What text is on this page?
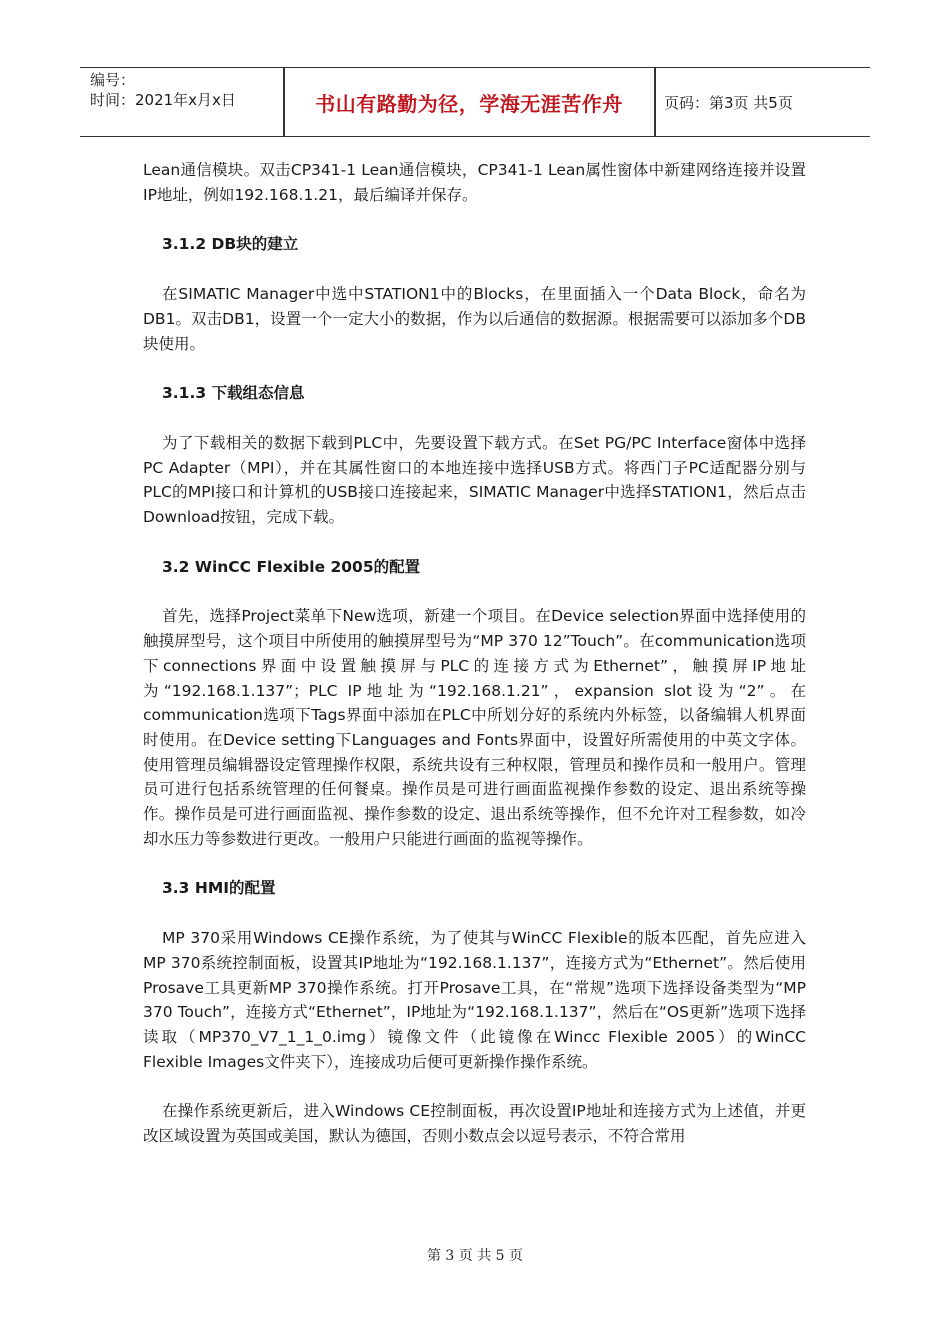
编号：
时间：2021年x月x日	书山有路勤为径，学海无涯苦作舟	页码：第3页 共5页

Lean通信模块。双击CP341-1 Lean通信模块，CP341-1 Lean属性窗体中新建网络连接并设置IP地址，例如192.168.1.21，最后编译并保存。

3.1.2 DB块的建立

在SIMATIC Manager中选中STATION1中的Blocks，在里面插入一个Data Block，命名为DB1。双击DB1，设置一个一定大小的数据，作为以后通信的数据源。根据需要可以添加多个DB块使用。

3.1.3 下载组态信息

为了下载相关的数据下载到PLC中，先要设置下载方式。在Set PG/PC Interface窗体中选择PC Adapter（MPI），并在其属性窗口的本地连接中选择USB方式。将西门子PC适配器分别与PLC的MPI接口和计算机的USB接口连接起来，SIMATIC Manager中选择STATION1，然后点击Download按钮，完成下载。

3.2 WinCC Flexible 2005的配置

首先，选择Project菜单下New选项，新建一个项目。在Device selection界面中选择使用的触摸屏型号，这个项目中所使用的触摸屏型号为“MP 370 12”Touch”。在communication选项下connections界面中设置触摸屏与PLC的连接方式为Ethernet”，触摸屏IP地址为“192.168.1.137”；PLC IP地址为“192.168.1.21”，expansion slot设为“2”。在communication选项下Tags界面中添加在PLC中所划分好的系统内外标签，以备编辑人机界面时使用。在Device setting下Languages and Fonts界面中，设置好所需使用的中英文字体。使用管理员编辑器设定管理操作权限，系统共设有三种权限，管理员和操作员和一般用户。管理员可进行包括系统管理的任何餐桌。操作员是可进行画面监视操作参数的设定、退出系统等操作。操作员是可进行画面监视、操作参数的设定、退出系统等操作，但不允许对工程参数，如冷却水压力等参数进行更改。一般用户只能进行画面的监视等操作。

3.3 HMI的配置

MP 370采用Windows CE操作系统，为了使其与WinCC Flexible的版本匹配，首先应进入MP 370系统控制面板，设置其IP地址为“192.168.1.137”，连接方式为“Ethernet”。然后使用Prosave工具更新MP 370操作系统。打开Prosave工具，在“常规”选项下选择设备类型为“MP 370 Touch”，连接方式“Ethernet”，IP地址为“192.168.1.137”，然后在“OS更新”选项下选择读取（MP370_V7_1_1_0.img）镜像文件（此镜像在Wincc Flexible 2005）的WinCC Flexible Images文件夹下），连接成功后便可更新操作操作系统。

在操作系统更新后，进入Windows CE控制面板，再次设置IP地址和连接方式为上述值，并更改区域设置为英国或美国，默认为德国，否则小数点会以逗号表示，不符合常用

第 3 页 共 5 页
